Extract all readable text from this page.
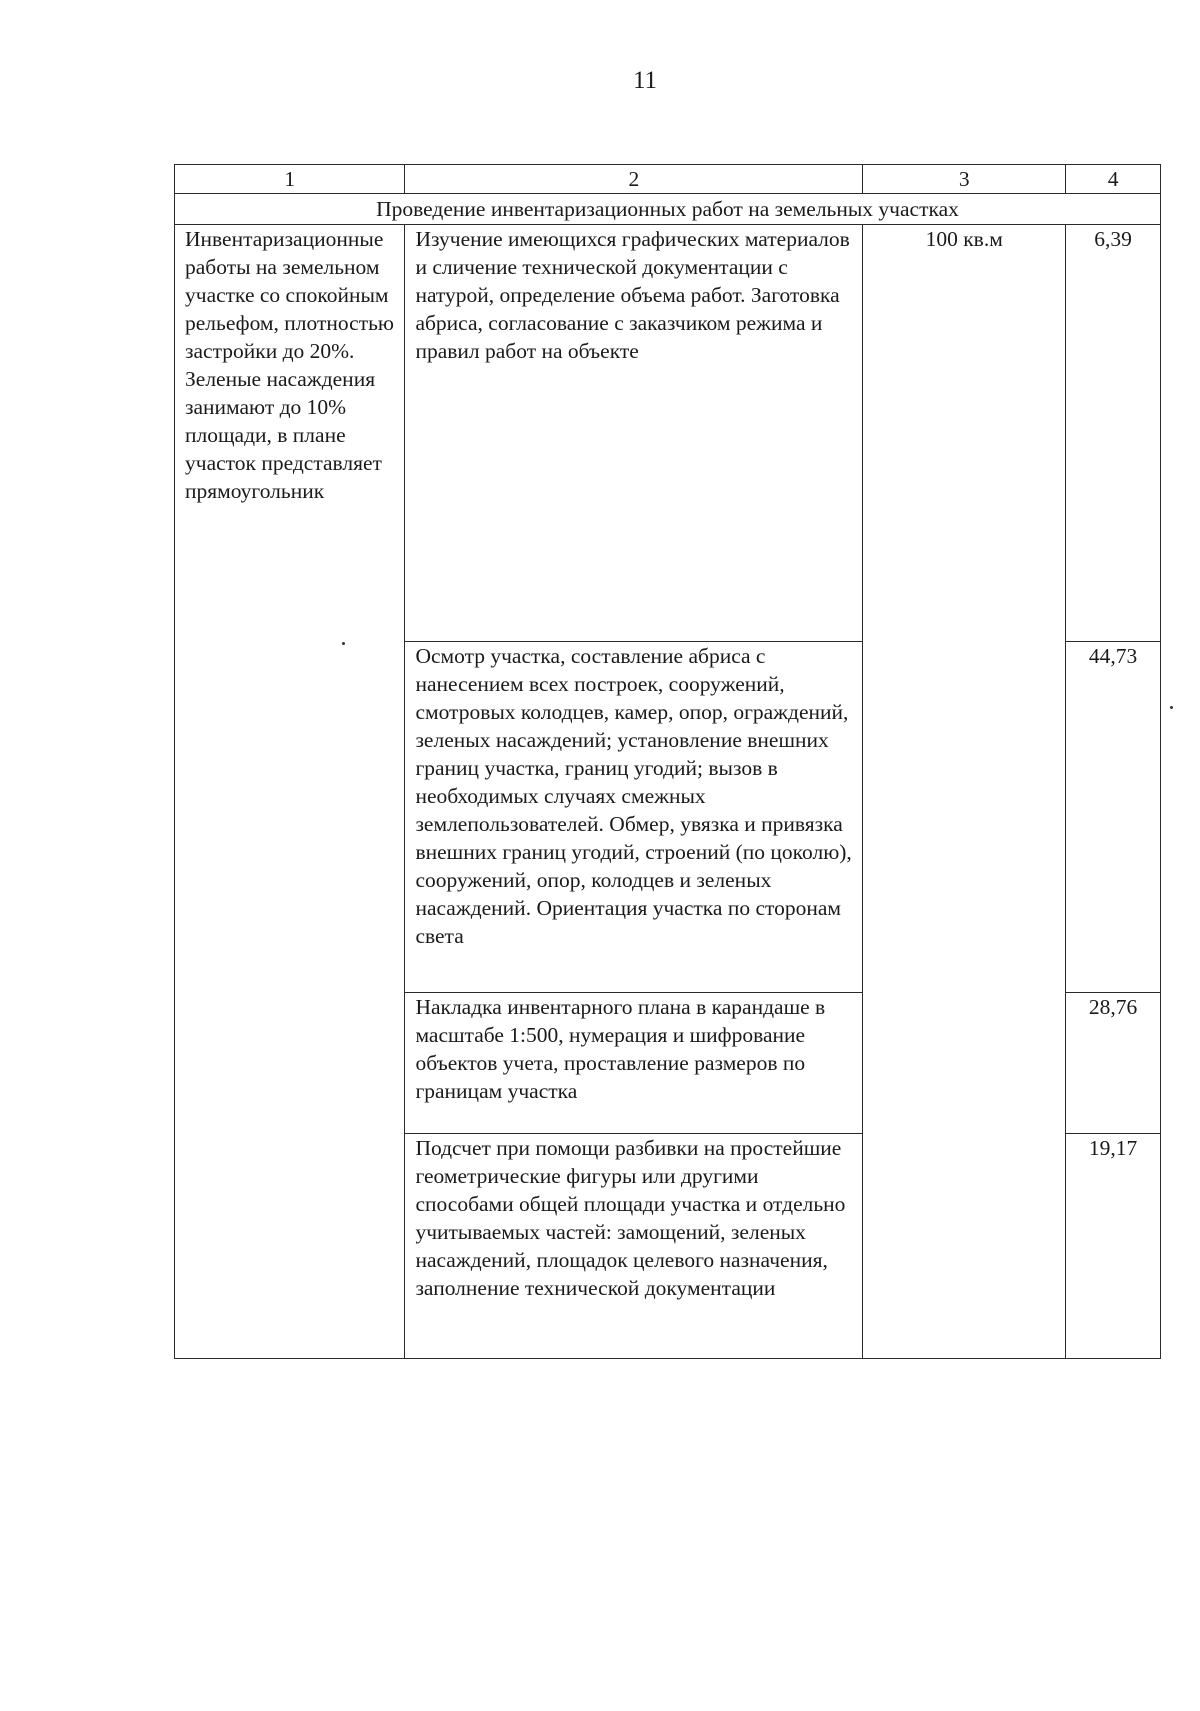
11
1	2	3	4
Проведение инвентаризационных работ на земельных участках			
Инвентаризационные работы на земельном участке со спокойным рельефом, плотностью застройки до 20%. Зеленые насаждения занимают до 10% площади, в плане участок представляет прямоугольник	Изучение имеющихся графических материалов и сличение технической документации с натурой, определение объема работ. Заготовка абриса, согласование с заказчиком режима и правил работ на объекте	100 кв.м	6,39
	Осмотр участка, составление абриса с нанесением всех построек, сооружений, смотровых колодцев, камер, опор, ограждений, зеленых насаждений; установление внешних границ участка, границ угодий; вызов в необходимых случаях смежных землепользователей. Обмер, увязка и привязка внешних границ угодий, строений (по цоколю), сооружений, опор, колодцев и зеленых насаждений. Ориентация участка по сторонам света		44,73
	Накладка инвентарного плана в карандаше в масштабе 1:500, нумерация и шифрование объектов учета, проставление размеров по границам участка		28,76
	Подсчет при помощи разбивки на простейшие геометрические фигуры или другими способами общей площади участка и отдельно учитываемых частей: замощений, зеленых насаждений, площадок целевого назначения, заполнение технической документации		19,17
